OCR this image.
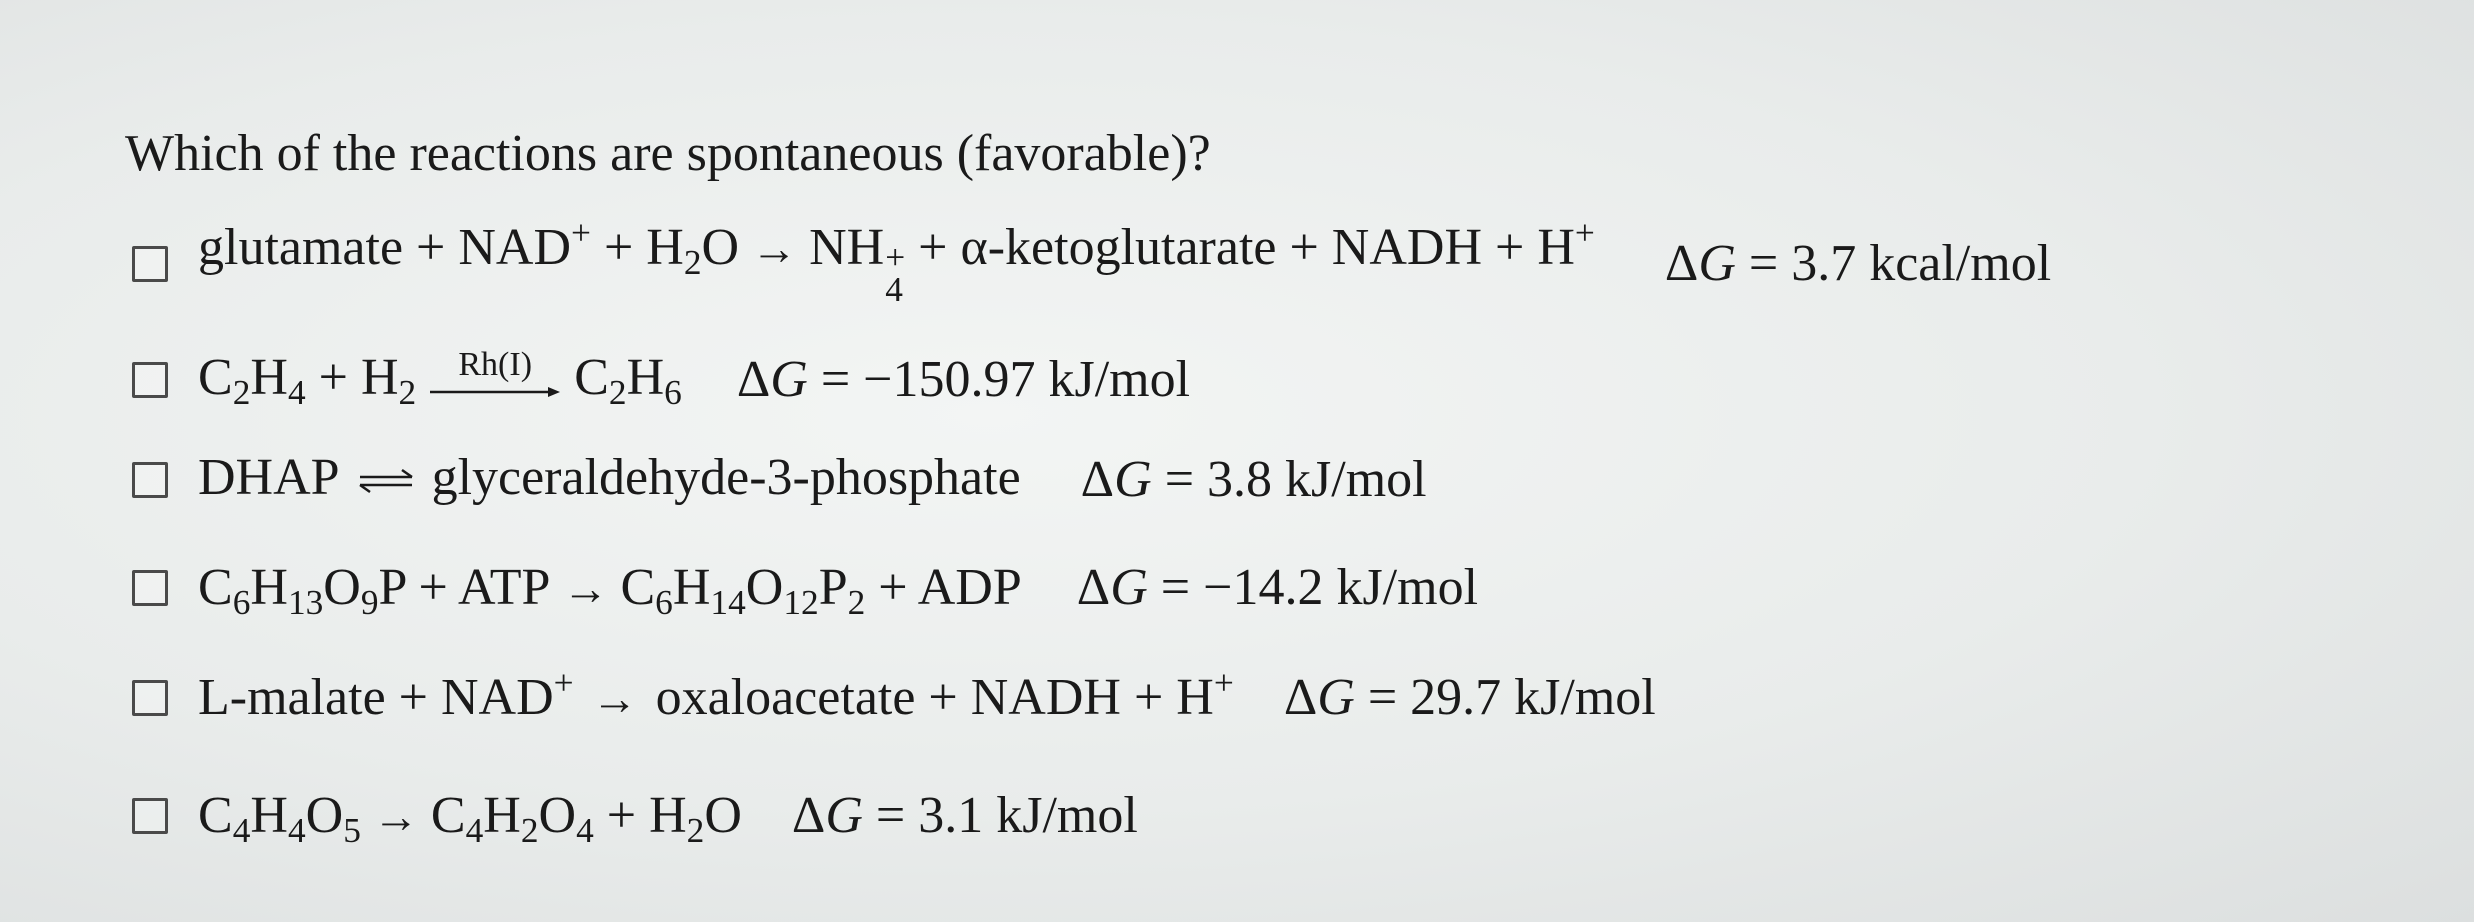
Which of the reactions are spontaneous (favorable)?
glutamate + $NAD^+ + H_2O$ → NH +
4
+ α-ketoglutarate + NADH + H+
ΔG = 3.7 kcal/mol
$C_2H_4 + H_2$
Rh(I) $C_2H_6$ ΔG = −150.97 kJ/mol
DHAP ⇌ glyceraldehyde-3-phosphate ΔG = 3.8 kJ/mol
$C_6H_{13}O_9P$ + ATP → $C_6H_{14}O_{12}P_2$ + ADP ΔG = −14.2 kJ/mol
L-malate + NAD+ → oxaloacetate + NADH + H+ ΔG = 29.7 kJ/mol
$C_4H_4O_5 \to C_4H_2O_4 + H_2O$ ΔG = 3.1 kJ/mol
